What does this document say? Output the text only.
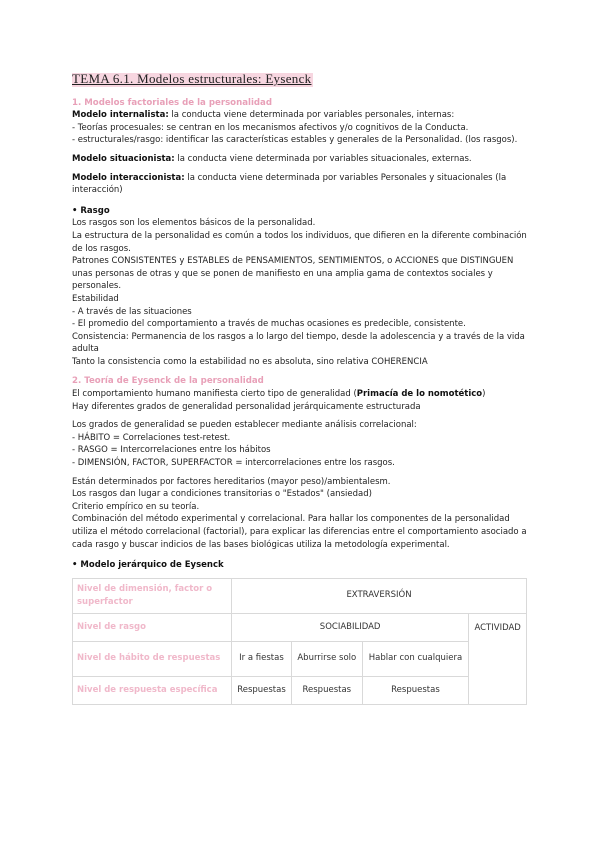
TEMA 6.1. Modelos estructurales: Eysenck
1. Modelos factoriales de la personalidad

Modelo internalista: la conducta viene determinada por variables personales, internas:

- Teorías procesuales: se centran en los mecanismos afectivos y/o cognitivos de la Conducta.

- estructurales/rasgo: identificar las características estables y generales de la Personalidad. (los rasgos).

Modelo situacionista: la conducta viene determinada por variables situacionales, externas.

Modelo interaccionista: la conducta viene determinada por variables Personales y situacionales (la interacción)

• Rasgo

Los rasgos son los elementos básicos de la personalidad.

La estructura de la personalidad es común a todos los individuos, que difieren en la diferente combinación de los rasgos.

Patrones CONSISTENTES y ESTABLES de PENSAMIENTOS, SENTIMIENTOS, o ACCIONES que DISTINGUEN unas personas de otras y que se ponen de manifiesto en una amplia gama de contextos sociales y personales.

Estabilidad

- A través de las situaciones

- El promedio del comportamiento a través de muchas ocasiones es predecible, consistente.

Consistencia: Permanencia de los rasgos a lo largo del tiempo, desde la adolescencia y a través de la vida adulta

Tanto la consistencia como la estabilidad no es absoluta, sino relativa COHERENCIA

2. Teoría de Eysenck de la personalidad

El comportamiento humano manifiesta cierto tipo de generalidad (Primacía de lo nomotético)

Hay diferentes grados de generalidad personalidad jerárquicamente estructurada

Los grados de generalidad se pueden establecer mediante análisis correlacional:

- HÁBITO = Correlaciones test-retest.

- RASGO = Intercorrelaciones entre los hábitos

- DIMENSIÓN, FACTOR, SUPERFACTOR = intercorrelaciones entre los rasgos.

Están determinados por factores hereditarios (mayor peso)/ambientalesm.

Los rasgos dan lugar a condiciones transitorias o "Estados" (ansiedad)

Criterio empírico en su teoría.

Combinación del método experimental y correlacional. Para hallar los componentes de la personalidad utiliza el método correlacional (factorial), para explicar las diferencias entre el comportamiento asociado a cada rasgo y buscar indicios de las bases biológicas utiliza la metodología experimental.

• Modelo jerárquico de Eysenck

Nivel de dimensión, factor o superfactor	EXTRAVERSIÓN			
Nivel de rasgo	SOCIABILIDAD			ACTIVIDAD
Nivel de hábito de respuestas	Ir a fiestas	Aburrirse solo	Hablar con cualquiera	
Nivel de respuesta específica	Respuestas	Respuestas	Respuestas	
